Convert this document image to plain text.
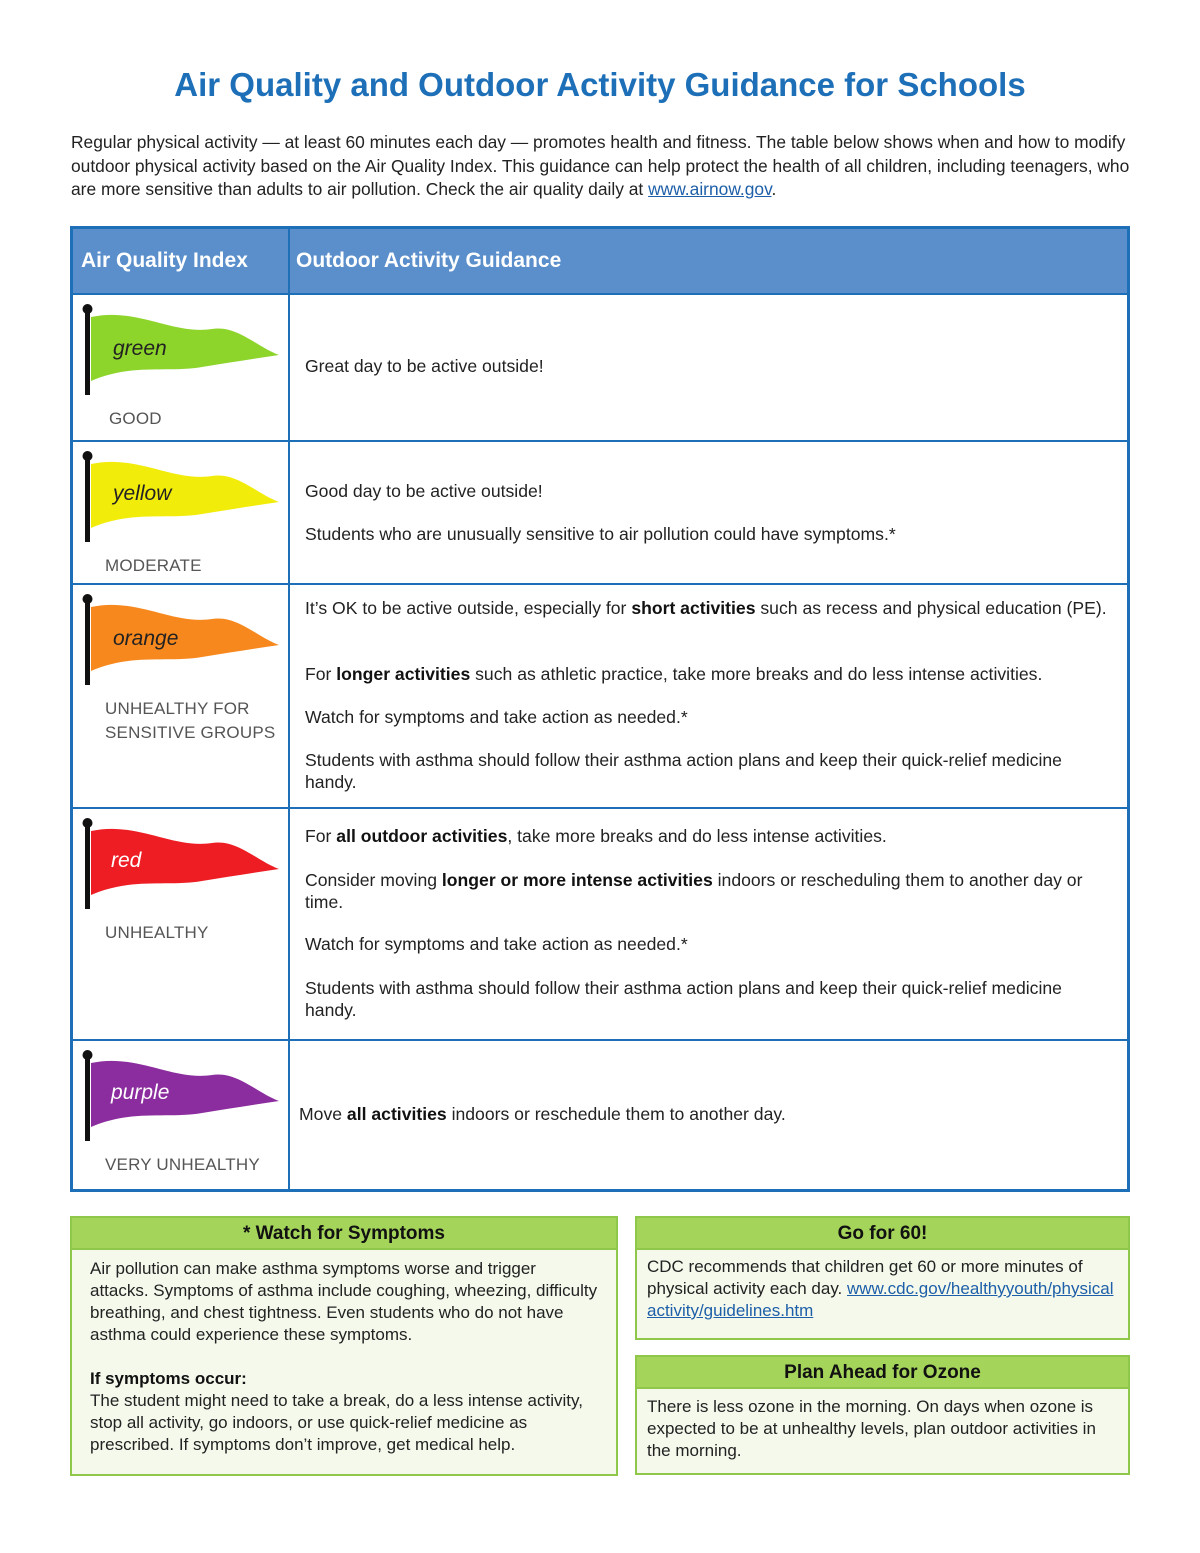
Air Quality and Outdoor Activity Guidance for Schools

Regular physical activity — at least 60 minutes each day — promotes health and fitness. The table below shows when and how to modify outdoor physical activity based on the Air Quality Index. This guidance can help protect the health of all children, including teenagers, who are more sensitive than adults to air pollution. Check the air quality daily at www.airnow.gov.

Air Quality Index Outdoor Activity Guidance
green
GOOD
Great day to be active outside!
yellow
MODERATE
Good day to be active outside!
Students who are unusually sensitive to air pollution could have symptoms.*
orange
UNHEALTHY FOR
SENSITIVE GROUPS
It’s OK to be active outside, especially for short activities such as recess and physical education (PE).
For longer activities such as athletic practice, take more breaks and do less intense activities.
Watch for symptoms and take action as needed.*
Students with asthma should follow their asthma action plans and keep their quick-relief medicine handy.
red
UNHEALTHY
For all outdoor activities, take more breaks and do less intense activities.
Consider moving longer or more intense activities indoors or rescheduling them to another day or time.
Watch for symptoms and take action as needed.*
Students with asthma should follow their asthma action plans and keep their quick-relief medicine handy.
purple
VERY UNHEALTHY
Move all activities indoors or reschedule them to another day.
* Watch for Symptoms

Air pollution can make asthma symptoms worse and trigger attacks. Symptoms of asthma include coughing, wheezing, difficulty breathing, and chest tightness. Even students who do not have asthma could experience these symptoms.

If symptoms occur:

The student might need to take a break, do a less intense activity, stop all activity, go indoors, or use quick-relief medicine as prescribed. If symptoms don’t improve, get medical help.

Go for 60!

CDC recommends that children get 60 or more minutes of physical activity each day. www.cdc.gov/healthyyouth/physicalactivity/guidelines.htm

Plan Ahead for Ozone

There is less ozone in the morning. On days when ozone is expected to be at unhealthy levels, plan outdoor activities in the morning.
